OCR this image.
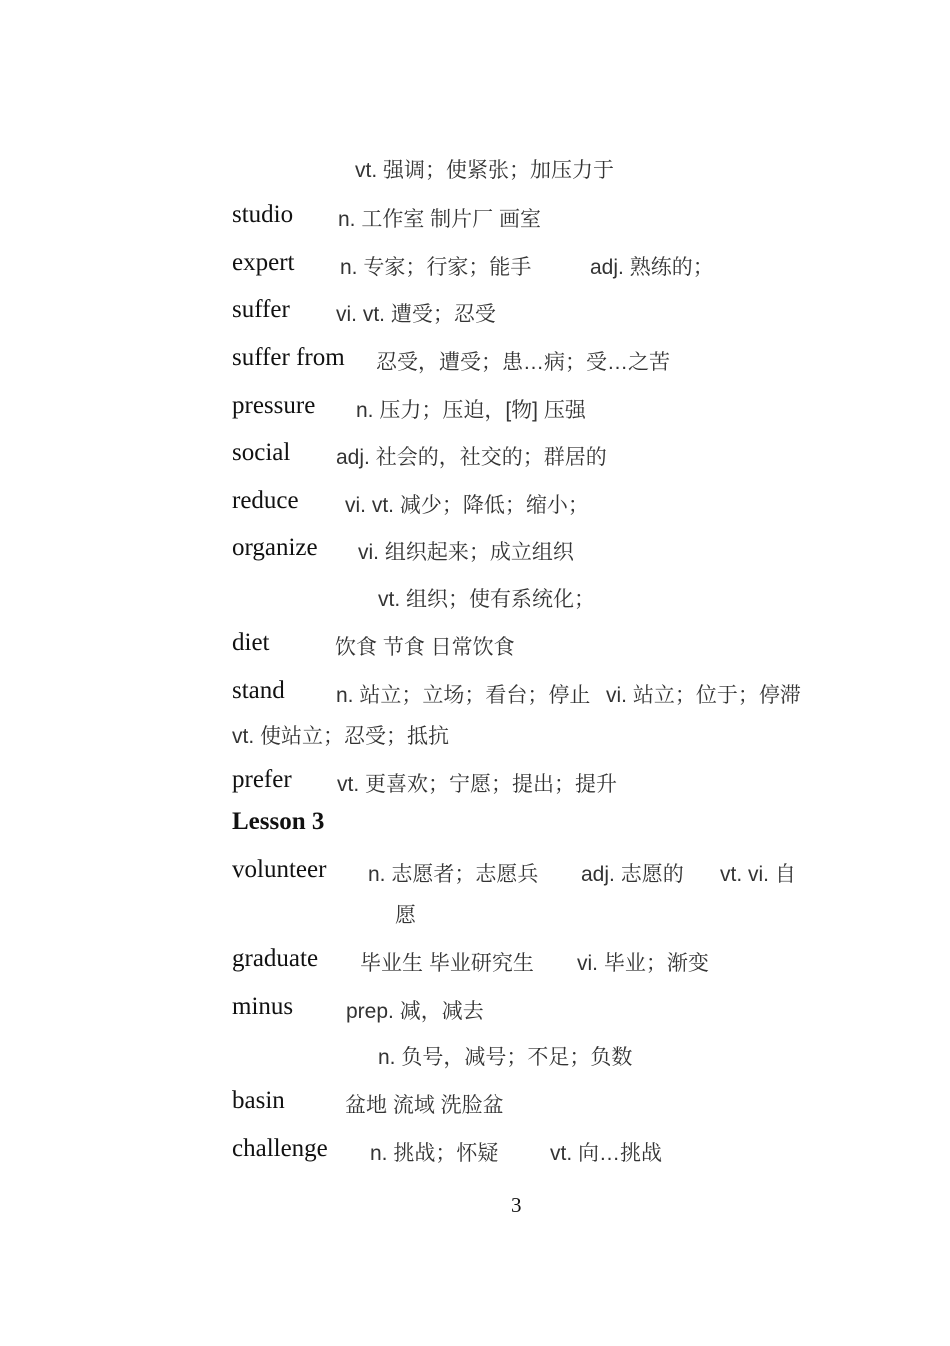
vt. 强调；使紧张；加压力于
studio n. 工作室 制片厂 画室
expert n. 专家；行家；能手	adj. 熟练的；
suffer vi. vt. 遭受；忍受
suffer from 忍受，遭受；患…病；受…之苦
pressure n. 压力；压迫，[物] 压强
social adj. 社会的，社交的；群居的
reduce vi. vt. 减少；降低；缩小；
organize vi. 组织起来；成立组织
vt. 组织；使有系统化；
diet	饮食 节食 日常饮食
stand n. 站立；立场；看台；停止 vi. 站立；位于；停滞
vt. 使站立；忍受；抵抗
prefer vt. 更喜欢；宁愿；提出；提升
Lesson 3
volunteer n. 志愿者；志愿兵 adj. 志愿的 vt. vi. 自
愿
graduate 毕业生 毕业研究生 vi. 毕业；渐变
minus	prep. 减，减去
n. 负号，减号；不足；负数
basin	盆地 流域 洗脸盆
challenge n. 挑战；怀疑 vt. 向…挑战
3
